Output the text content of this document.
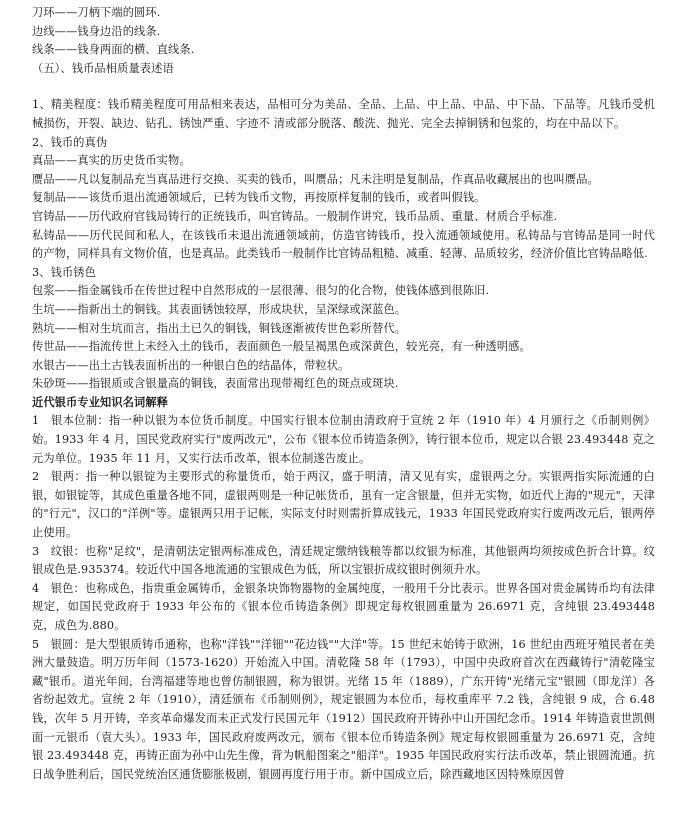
刀环——刀柄下端的圆环.

边线——钱身边沿的线条.

线条——钱身两面的横、直线条.

（五）、钱币品相质量表述语

1、精美程度：钱币精美程度可用品相来表达，品相可分为美品、全品、上品、中上品、中品、中下品、下品等。凡钱币受机械损伤，开裂、缺边、钻孔、锈蚀严重、字迹不 清或部分脱落、酸洗、抛光、完全去掉铜锈和包浆的，均在中品以下。

2、钱币的真伪

真品——真实的历史货币实物。

赝品——凡以复制品充当真品进行交换、买卖的钱币，叫赝品；凡未注明是复制品，作真品收藏展出的也叫赝品。

复制品——该货币退出流通领域后，已转为钱币文物，再按原样复制的钱币，或者叫假钱。

官铸品——历代政府官钱局铸行的正统钱币，叫官铸品。一般制作讲究，钱币品质、重量、材质合乎标准.

私铸品——历代民间和私人，在该钱币未退出流通领域前，仿造官铸钱币，投入流通领域使用。私铸品与官铸品是同一时代的产物，同样具有文物价值，也是真品。此类钱币一般制作比官铸品粗糙、减重、轻薄、品质较劣，经济价值比官铸品略低.

3、钱币锈色

包浆——指金属钱币在传世过程中自然形成的一层很薄、很匀的化合物，使钱体感到很陈旧.

生坑——指新出土的铜钱。其表面锈蚀较厚，形成块状，呈深绿或深蓝色。

熟坑——相对生坑而言，指出土已久的铜钱，铜钱逐渐被传世色彩所替代。

传世品——指流传世上未经入土的钱币，表面颜色一般呈褐黑色或深黄色，较光亮，有一种透明感。

水银古——出土古钱表面析出的一种银白色的结晶体，带粒状。

朱砂斑——指银质或含银量高的铜钱，表面常出现带褐红色的斑点或斑块.

近代银币专业知识名词解释

1　银本位制：指一种以银为本位货币制度。中国实行银本位制由清政府于宣统 2 年（1910 年）4 月颁行之《币制则例》始。1933 年 4 月，国民党政府实行"废两改元"，公布《银本位币铸造条例》，铸行银本位币，规定以合银 23.493448 克之元为单位。1935 年 11 月，又实行法币改革，银本位制遂告废止。

2　银两：指一种以银锭为主要形式的称量货币，始于两汉，盛于明清，清又见有实，虚银两之分。实银两指实际流通的白银，如银锭等，其成色重量各地不同，虚银两则是一种记帐货币，虽有一定含银量，但并无实物，如近代上海的"规元"，天津的"行元"，汉口的"洋例"等。虚银两只用于记帐，实际支付时则需折算成钱元，1933 年国民党政府实行废两改元后，银两停止使用。

3　纹银：也称"足纹"，是清朝法定银两标准成色，清廷规定缴纳钱粮等都以纹银为标准，其他银两均须按成色折合计算。纹银成色是.935374。较近代中国各地流通的宝银成色为低，所以宝银折成纹银时例须升水。

4　银色：也称成色，指贵重金属铸币，金银条块饰物器物的金属纯度，一般用千分比表示。世界各国对贵金属铸币均有法律规定，如国民党政府于 1933 年公布的《银本位币铸造条例》即规定每枚银圆重量为 26.6971 克，含纯银 23.493448 克，成色为.880。

5　银圆：是大型银质铸币通称，也称"洋钱""洋钿""花边钱""大洋"等。15 世纪末始铸于欧洲，16 世纪由西班牙殖民者在美洲大量鼓造。明万历年间（1573-1620）开始流入中国。清乾隆 58 年（1793），中国中央政府首次在西藏铸行"清乾隆宝藏"银币。道光年间，台湾福建等地也曾仿制银圆，称为银饼。光绪 15 年（1889），广东开铸"光绪元宝"银圆（即龙洋）各省纷起效尤。宣统 2 年（1910），清廷颁布《币制则例》，规定银圆为本位币，每枚重库平 7.2 钱，含纯银 9 成，合 6.48 钱，次年 5 月开铸，辛亥革命爆发而未正式发行民国元年（1912）国民政府开铸孙中山开国纪念币。1914 年铸造袁世凯侧面一元银币（袁大头）。1933 年，国民政府废两改元，颁布《银本位币铸造条例》规定每枚银圆重量为 26.6971 克，含纯银 23.493448 克，再铸正面为孙中山先生像，背为帆船图案之"船洋"。1935 年国民政府实行法币改革，禁止银圆流通。抗日战争胜利后，国民党统治区通货膨胀极剧，银圆再度行用于市。新中国成立后，除西藏地区因特殊原因曾
